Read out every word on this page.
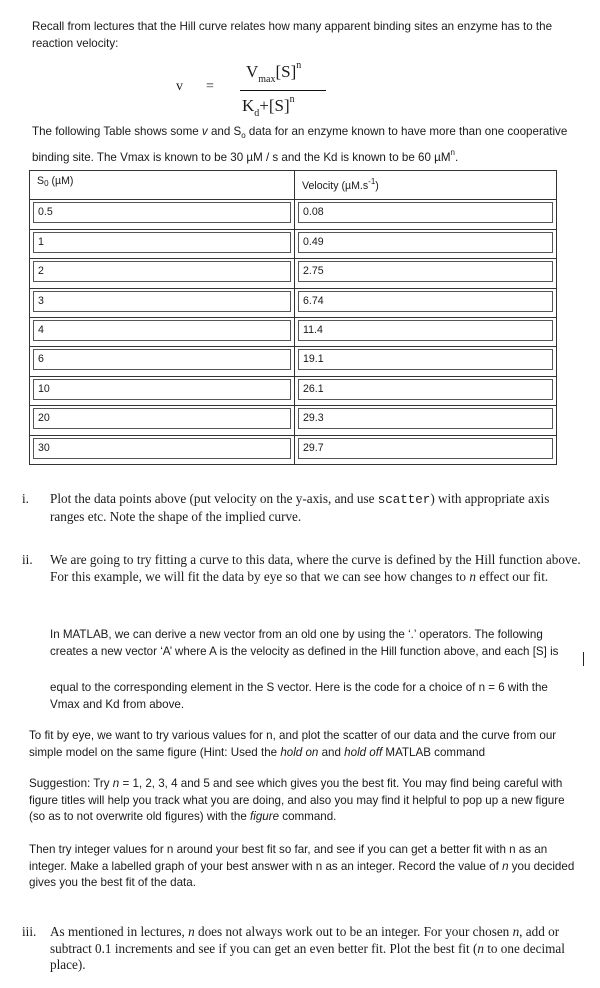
Recall from lectures that the Hill curve relates how many apparent binding sites an enzyme has to the reaction velocity:
v =
$V_{max}[S]^n$
$K_d+[S]^n$
The following Table shows some v and $S_o$ data for an enzyme known to have more than one cooperative binding site. The Vmax is known to be 30 µM / s and the Kd is known to be 60 µM$^n$.
S0 (µM)	Velocity $(\mu M.s^{-1})$

0.5	0.08

1	0.49

2	2.75

3	6.74

4	11.4

6	19.1

10	26.1

20	29.3

30	29.7
i.	Plot the data points above (put velocity on the y-axis, and use scatter) with appropriate axis ranges etc. Note the shape of the implied curve.
ii.	We are going to try fitting a curve to this data, where the curve is defined by the Hill function above. For this example, we will fit the data by eye so that we can see how changes to n effect our fit.
In MATLAB, we can derive a new vector from an old one by using the ‘.’ operators. The following creates a new vector ‘A’ where A is the velocity as defined in the Hill function above, and each [S] is
equal to the corresponding element in the S vector. Here is the code for a choice of n = 6 with the Vmax and Kd from above.
To fit by eye, we want to try various values for n, and plot the scatter of our data and the curve from our simple model on the same figure (Hint: Used the hold on and hold off MATLAB command
Suggestion: Try n = 1, 2, 3, 4 and 5 and see which gives you the best fit. You may find being careful with figure titles will help you track what you are doing, and also you may find it helpful to pop up a new figure (so as to not overwrite old figures) with the figure command.
Then try integer values for n around your best fit so far, and see if you can get a better fit with n as an integer. Make a labelled graph of your best answer with n as an integer. Record the value of n you decided gives you the best fit of the data.
iii.	As mentioned in lectures, n does not always work out to be an integer. For your chosen n, add or subtract 0.1 increments and see if you can get an even better fit. Plot the best fit (n to one decimal place).
